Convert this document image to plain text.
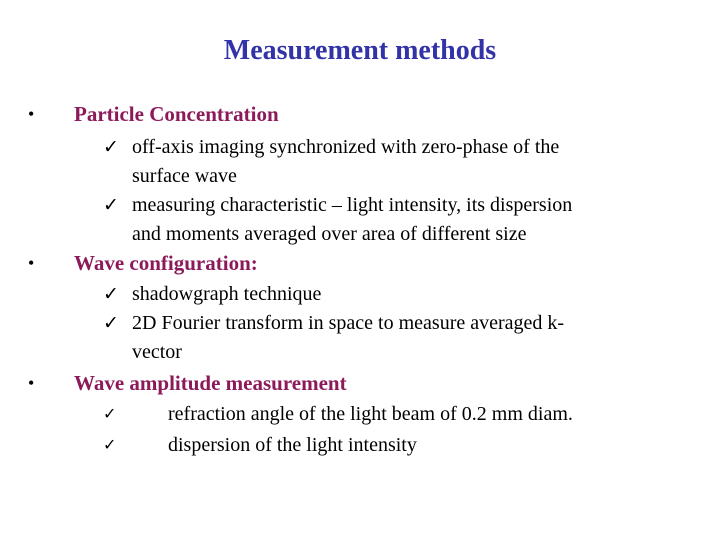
Measurement methods
• Particle Concentration
✓ off-axis imaging synchronized with zero-phase of the
surface wave
✓ measuring characteristic – light intensity, its dispersion
and moments averaged over area of different size
• Wave configuration:
✓ shadowgraph technique
✓ 2D Fourier transform in space to measure averaged k-
vector
• Wave amplitude measurement
✓	refraction angle of the light beam of 0.2 mm diam.
✓	dispersion of the light intensity
